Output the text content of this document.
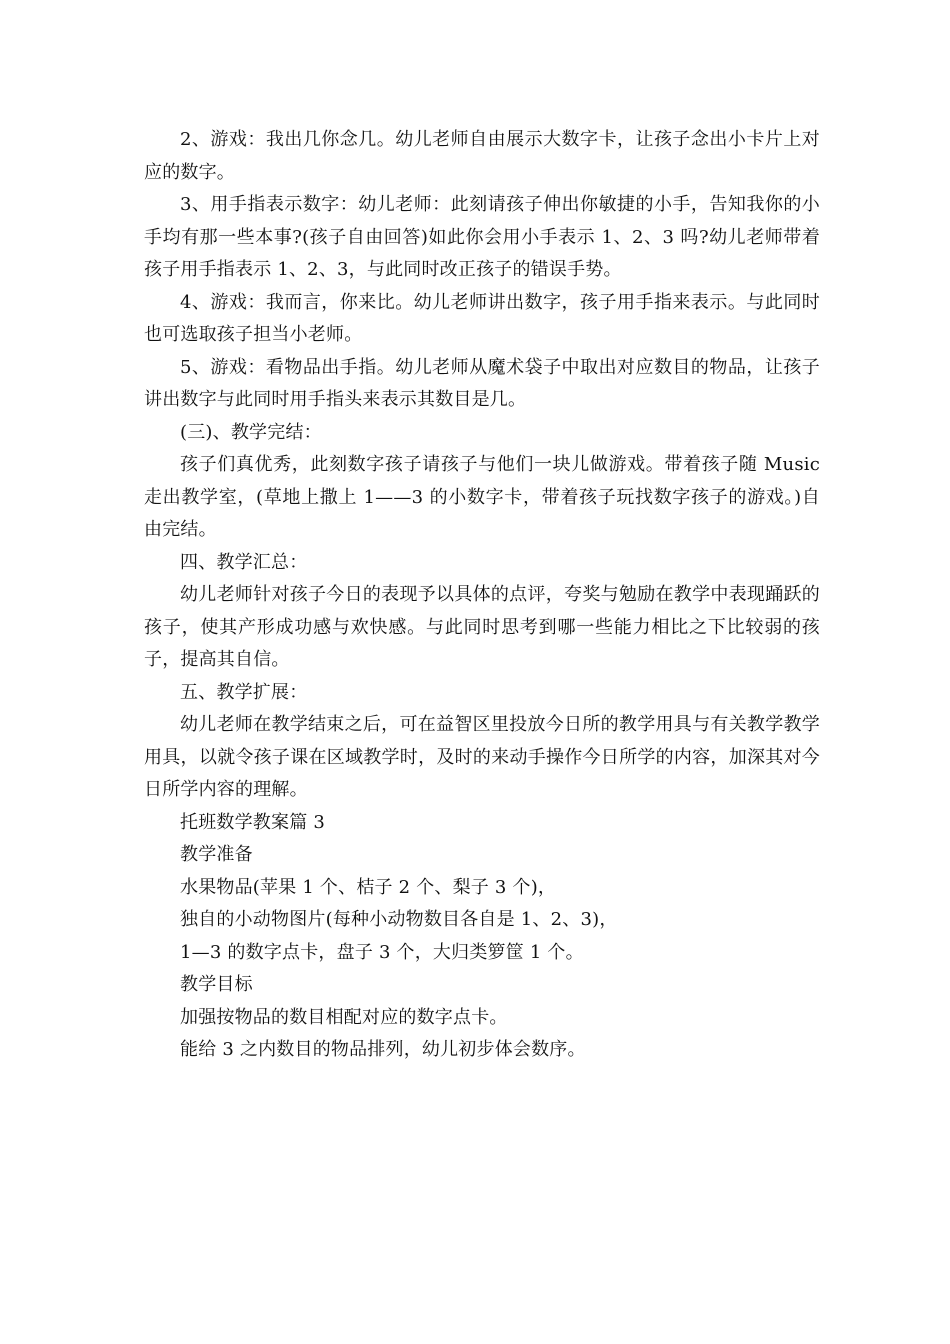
2、游戏：我出几你念几。幼儿老师自由展示大数字卡，让孩子念出小卡片上对应的数字。

3、用手指表示数字：幼儿老师：此刻请孩子伸出你敏捷的小手，告知我你的小手均有那一些本事?(孩子自由回答)如此你会用小手表示 1、2、3 吗?幼儿老师带着孩子用手指表示 1、2、3，与此同时改正孩子的错误手势。

4、游戏：我而言，你来比。幼儿老师讲出数字，孩子用手指来表示。与此同时也可选取孩子担当小老师。

5、游戏：看物品出手指。幼儿老师从魔术袋子中取出对应数目的物品，让孩子讲出数字与此同时用手指头来表示其数目是几。

(三)、教学完结：

孩子们真优秀，此刻数字孩子请孩子与他们一块儿做游戏。带着孩子随 Music 走出教学室，(草地上撒上 1——3 的小数字卡，带着孩子玩找数字孩子的游戏。)自由完结。

四、教学汇总：

幼儿老师针对孩子今日的表现予以具体的点评，夸奖与勉励在教学中表现踊跃的孩子，使其产形成功感与欢快感。与此同时思考到哪一些能力相比之下比较弱的孩子，提高其自信。

五、教学扩展：

幼儿老师在教学结束之后，可在益智区里投放今日所的教学用具与有关教学教学用具，以就令孩子课在区域教学时，及时的来动手操作今日所学的内容，加深其对今日所学内容的理解。

托班数学教案篇 3

教学准备

水果物品(苹果 1 个、桔子 2 个、梨子 3 个)，

独自的小动物图片(每种小动物数目各自是 1、2、3)，

1—3 的数字点卡，盘子 3 个，大归类箩筐 1 个。

教学目标

加强按物品的数目相配对应的数字点卡。

能给 3 之内数目的物品排列，幼儿初步体会数序。
